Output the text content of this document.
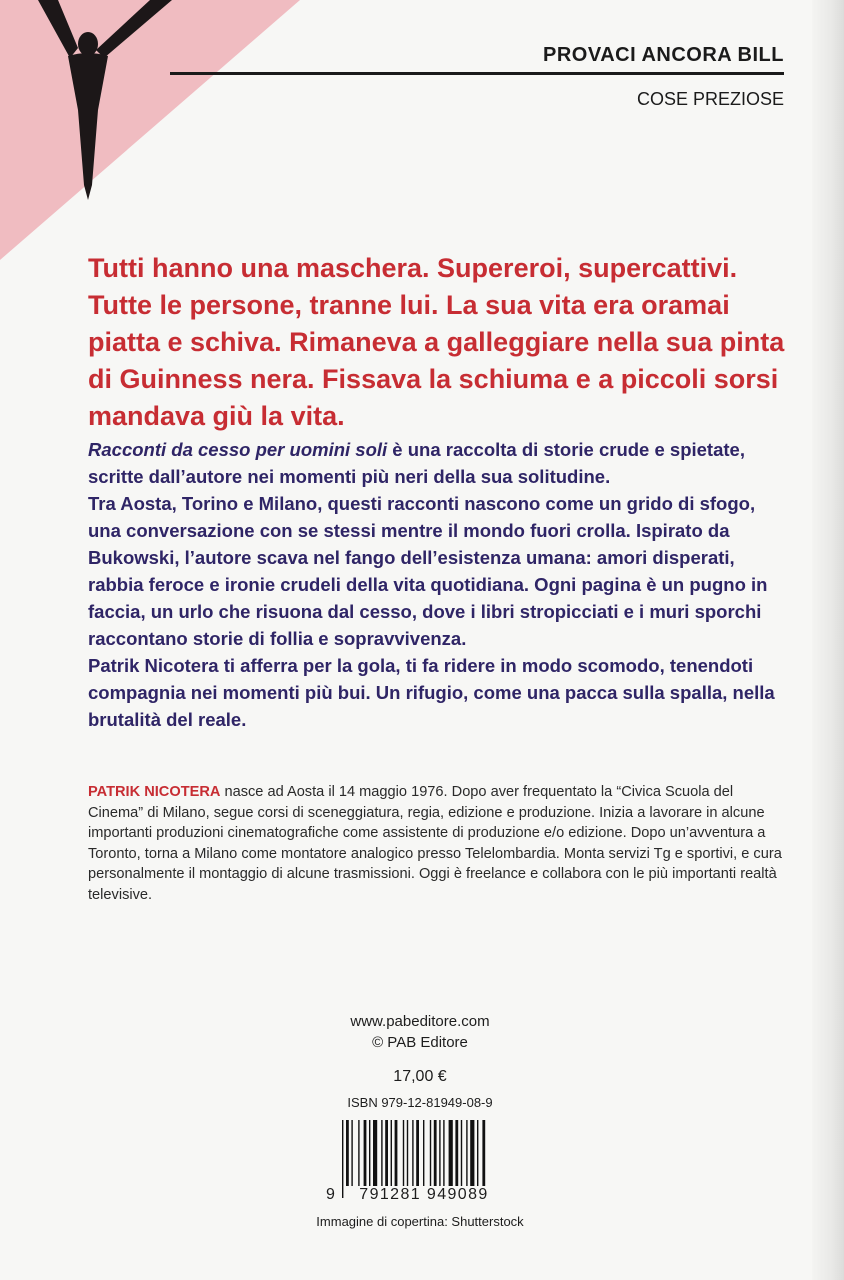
PROVACI ANCORA BILL
COSE PREZIOSE

Tutti hanno una maschera. Supereroi, supercattivi. Tutte le persone, tranne lui. La sua vita era oramai piatta e schiva. Rimaneva a galleggiare nella sua pinta di Guinness nera. Fissava la schiuma e a piccoli sorsi mandava giù la vita.

Racconti da cesso per uomini soli è una raccolta di storie crude e spietate, scritte dall’autore nei momenti più neri della sua solitudine.

Tra Aosta, Torino e Milano, questi racconti nascono come un grido di sfogo, una conversazione con se stessi mentre il mondo fuori crolla. Ispirato da Bukowski, l’autore scava nel fango dell’esistenza umana: amori disperati, rabbia feroce e ironie crudeli della vita quotidiana. Ogni pagina è un pugno in faccia, un urlo che risuona dal cesso, dove i libri stropicciati e i muri sporchi raccontano storie di follia e sopravvivenza.

Patrik Nicotera ti afferra per la gola, ti fa ridere in modo scomodo, tenendoti compagnia nei momenti più bui. Un rifugio, come una pacca sulla spalla, nella brutalità del reale.

PATRIK NICOTERA nasce ad Aosta il 14 maggio 1976. Dopo aver frequentato la “Civica Scuola del Cinema” di Milano, segue corsi di sceneggiatura, regia, edizione e produzione. Inizia a lavorare in alcune importanti produzioni cinematografiche come assistente di produzione e/o edizione. Dopo un’avventura a Toronto, torna a Milano come montatore analogico presso Telelombardia. Monta servizi Tg e sportivi, e cura personalmente il montaggio di alcune trasmissioni. Oggi è freelance e collabora con le più importanti realtà televisive.

www.pabeditore.com
© PAB Editore
17,00 €
ISBN 979-12-81949-08-9
9	791281 949089
Immagine di copertina: Shutterstock
